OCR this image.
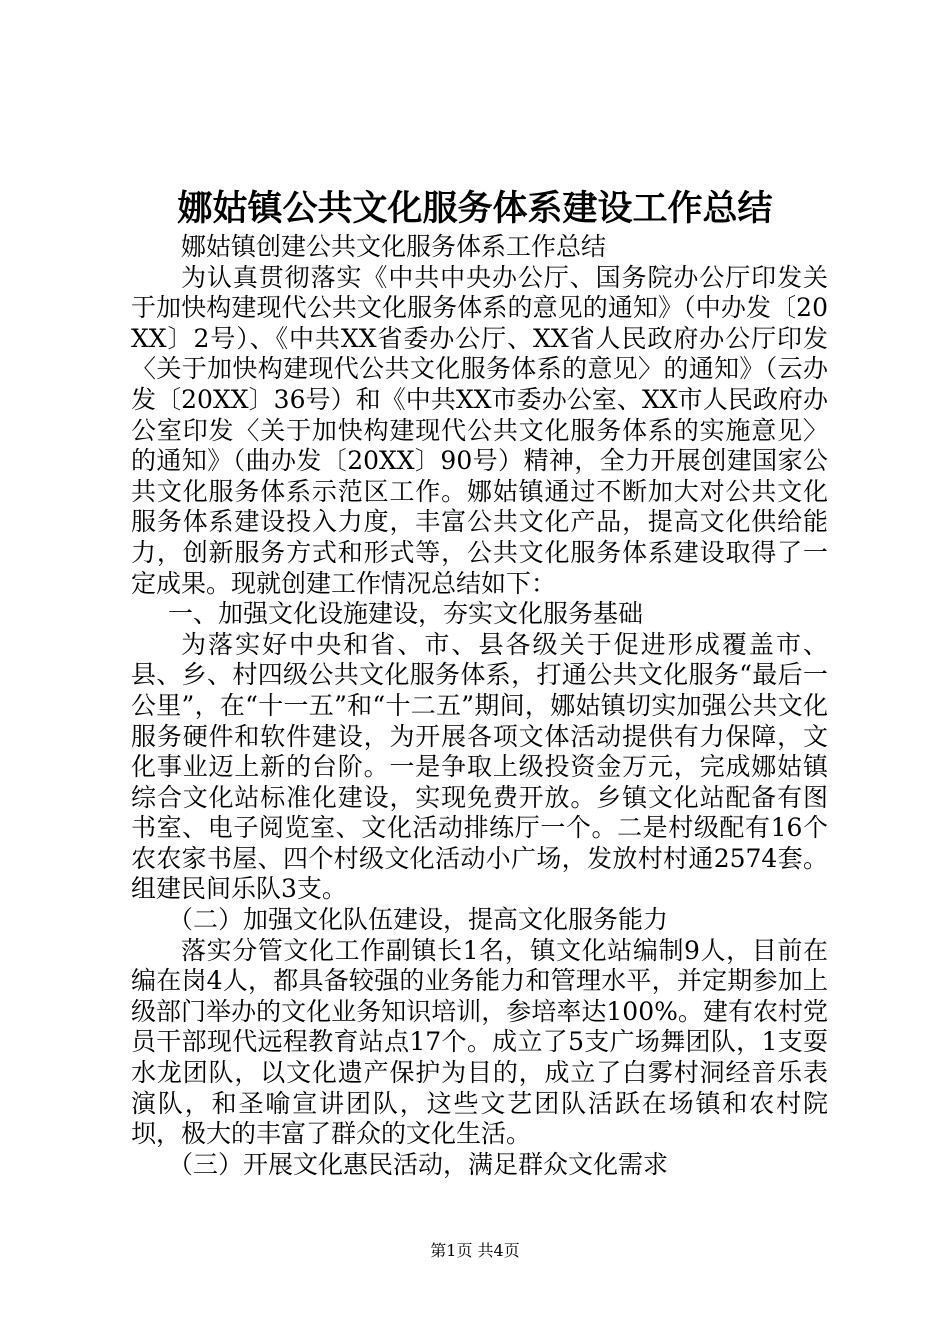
娜姑镇公共文化服务体系建设工作总结

娜姑镇创建公共文化服务体系工作总结

为认真贯彻落实《中共中央办公厅、国务院办公厅印发关于加快构建现代公共文化服务体系的意见的通知》（中办发〔20XX〕2号）、《中共XX省委办公厅、XX省人民政府办公厅印发〈关于加快构建现代公共文化服务体系的意见〉的通知》（云办发〔20XX〕36号）和《中共XX市委办公室、XX市人民政府办公室印发〈关于加快构建现代公共文化服务体系的实施意见〉的通知》（曲办发〔20XX〕90号）精神，全力开展创建国家公共文化服务体系示范区工作。娜姑镇通过不断加大对公共文化服务体系建设投入力度，丰富公共文化产品，提高文化供给能力，创新服务方式和形式等，公共文化服务体系建设取得了一定成果。现就创建工作情况总结如下：

一、加强文化设施建设，夯实文化服务基础

为落实好中央和省、市、县各级关于促进形成覆盖市、县、乡、村四级公共文化服务体系，打通公共文化服务“最后一公里”，在“十一五”和“十二五”期间，娜姑镇切实加强公共文化服务硬件和软件建设，为开展各项文体活动提供有力保障，文化事业迈上新的台阶。一是争取上级投资金万元，完成娜姑镇综合文化站标准化建设，实现免费开放。乡镇文化站配备有图书室、电子阅览室、文化活动排练厅一个。二是村级配有16个农农家书屋、四个村级文化活动小广场，发放村村通2574套。组建民间乐队3支。

（二）加强文化队伍建设，提高文化服务能力

落实分管文化工作副镇长1名，镇文化站编制9人，目前在编在岗4人，都具备较强的业务能力和管理水平，并定期参加上级部门举办的文化业务知识培训，参培率达100%。建有农村党员干部现代远程教育站点17个。成立了5支广场舞团队，1支耍水龙团队，以文化遗产保护为目的，成立了白雾村洞经音乐表演队，和圣喻宣讲团队，这些文艺团队活跃在场镇和农村院坝，极大的丰富了群众的文化生活。

（三）开展文化惠民活动，满足群众文化需求

第1页 共4页
